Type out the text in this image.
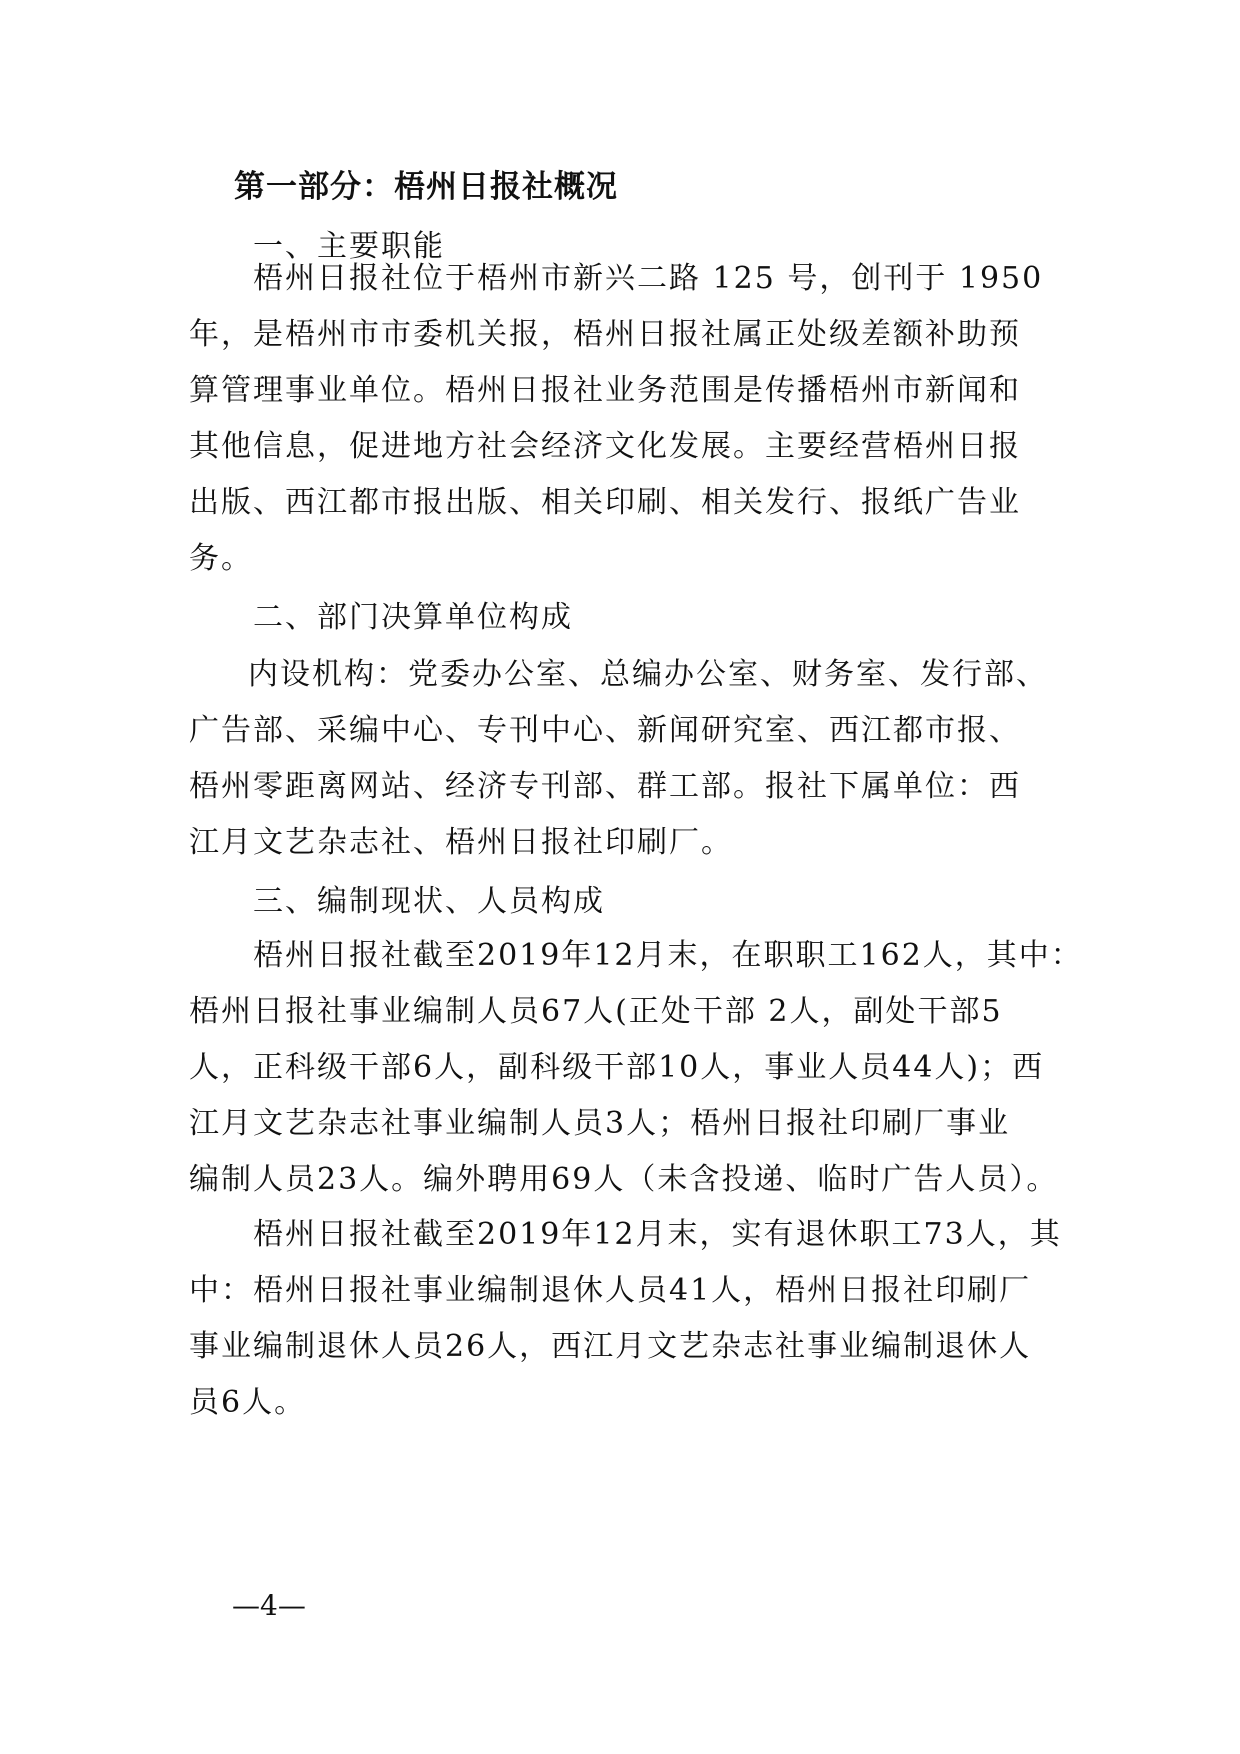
第一部分：梧州日报社概况
一、主要职能
梧州日报社位于梧州市新兴二路 125 号，创刊于 1950
年，是梧州市市委机关报，梧州日报社属正处级差额补助预
算管理事业单位。梧州日报社业务范围是传播梧州市新闻和
其他信息，促进地方社会经济文化发展。主要经营梧州日报
出版、西江都市报出版、相关印刷、相关发行、报纸广告业
务。
二、部门决算单位构成
内设机构：党委办公室、总编办公室、财务室、发行部、
广告部、采编中心、专刊中心、新闻研究室、西江都市报、
梧州零距离网站、经济专刊部、群工部。报社下属单位：西
江月文艺杂志社、梧州日报社印刷厂。
三、编制现状、人员构成
梧州日报社截至2019年12月末，在职职工162人，其中：
梧州日报社事业编制人员67人(正处干部 2人，副处干部5
人，正科级干部6人，副科级干部10人，事业人员44人)；西
江月文艺杂志社事业编制人员3人；梧州日报社印刷厂事业
编制人员23人。编外聘用69人（未含投递、临时广告人员）。
梧州日报社截至2019年12月末，实有退休职工73人，其
中：梧州日报社事业编制退休人员41人，梧州日报社印刷厂
事业编制退休人员26人，西江月文艺杂志社事业编制退休人
员6人。
—4—
